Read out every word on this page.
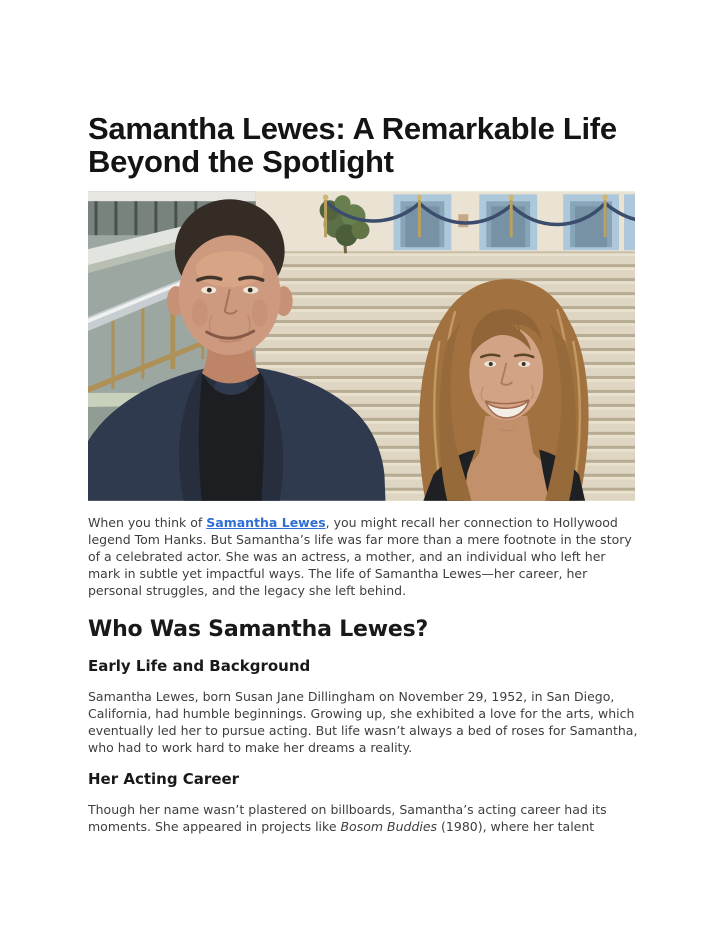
Samantha Lewes: A Remarkable Life Beyond the Spotlight

When you think of Samantha Lewes, you might recall her connection to Hollywood legend Tom Hanks. But Samantha’s life was far more than a mere footnote in the story of a celebrated actor. She was an actress, a mother, and an individual who left her mark in subtle yet impactful ways. The life of Samantha Lewes—her career, her personal struggles, and the legacy she left behind.

Who Was Samantha Lewes?
Early Life and Background

Samantha Lewes, born Susan Jane Dillingham on November 29, 1952, in San Diego, California, had humble beginnings. Growing up, she exhibited a love for the arts, which eventually led her to pursue acting. But life wasn’t always a bed of roses for Samantha, who had to work hard to make her dreams a reality.

Her Acting Career

Though her name wasn’t plastered on billboards, Samantha’s acting career had its moments. She appeared in projects like Bosom Buddies (1980), where her talent
